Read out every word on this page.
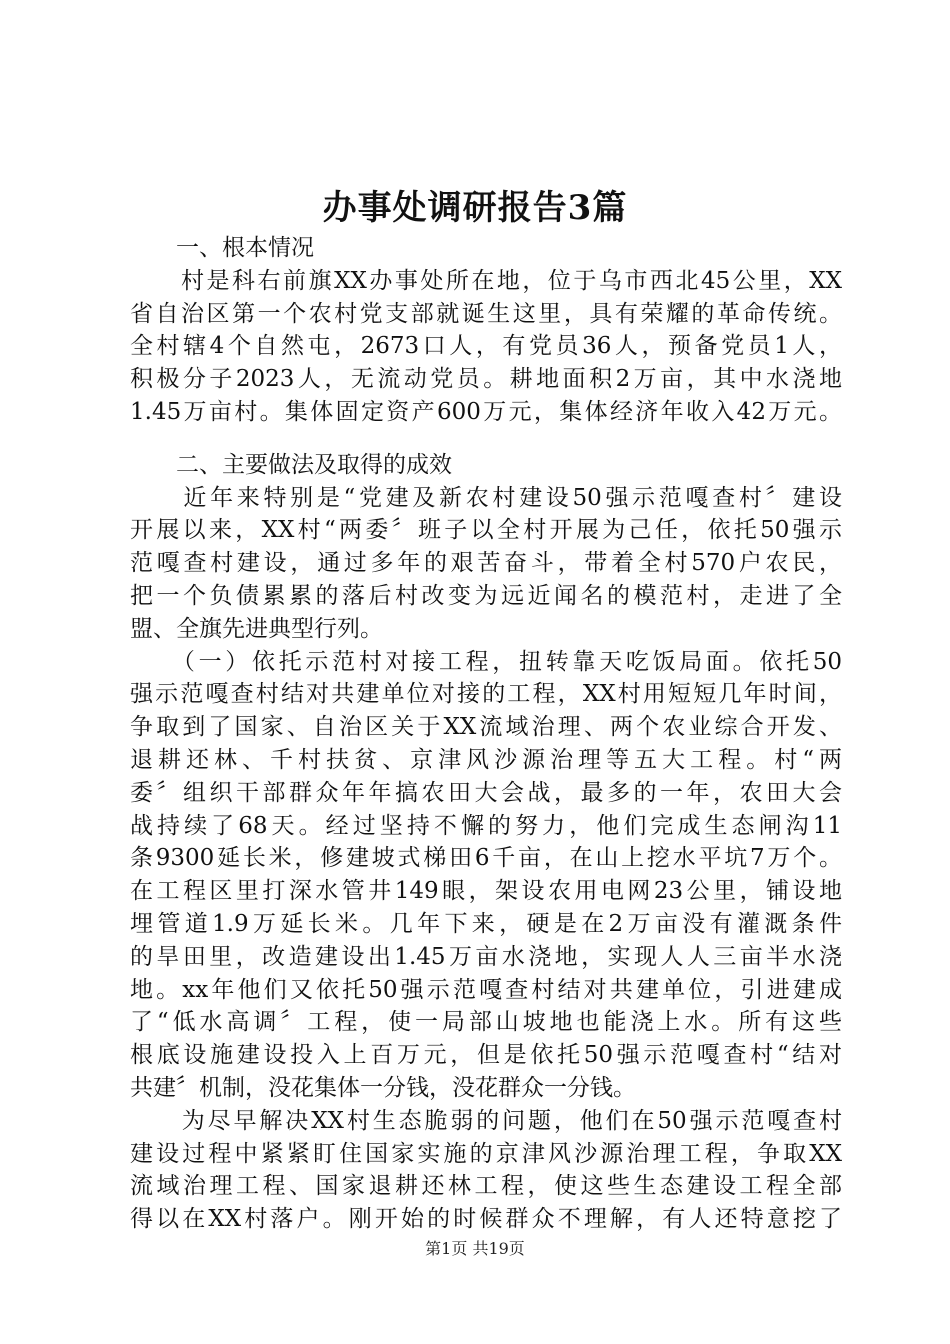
办事处调研报告3篇
　　一、根本情况
　　村是科右前旗XX办事处所在地，位于乌市西北45公里，XX
省自治区第一个农村党支部就诞生这里，具有荣耀的革命传统。
全村辖4个自然屯，2673口人，有党员36人，预备党员1人，
积极分子2023人，无流动党员。耕地面积2万亩，其中水浇地
1.45万亩村。集体固定资产600万元，集体经济年收入42万元。
　　二、主要做法及取得的成效
　　近年来特别是“党建及新农村建设50强示范嘎查村〞建设
开展以来，XX村“两委〞班子以全村开展为己任，依托50强示
范嘎查村建设，通过多年的艰苦奋斗，带着全村570户农民，
把一个负债累累的落后村改变为远近闻名的模范村，走进了全
盟、全旗先进典型行列。
　　（一）依托示范村对接工程，扭转靠天吃饭局面。依托50
强示范嘎查村结对共建单位对接的工程，XX村用短短几年时间，
争取到了国家、自治区关于XX流域治理、两个农业综合开发、
退耕还林、千村扶贫、京津风沙源治理等五大工程。村“两
委〞组织干部群众年年搞农田大会战，最多的一年，农田大会
战持续了68天。经过坚持不懈的努力，他们完成生态闸沟11
条9300延长米，修建坡式梯田6千亩，在山上挖水平坑7万个。
在工程区里打深水管井149眼，架设农用电网23公里，铺设地
埋管道1.9万延长米。几年下来，硬是在2万亩没有灌溉条件
的旱田里，改造建设出1.45万亩水浇地，实现人人三亩半水浇
地。xx年他们又依托50强示范嘎查村结对共建单位，引进建成
了“低水高调〞工程，使一局部山坡地也能浇上水。所有这些
根底设施建设投入上百万元，但是依托50强示范嘎查村“结对
共建〞机制，没花集体一分钱，没花群众一分钱。
　　为尽早解决XX村生态脆弱的问题，他们在50强示范嘎查村
建设过程中紧紧盯住国家实施的京津风沙源治理工程，争取XX
流域治理工程、国家退耕还林工程，使这些生态建设工程全部
得以在XX村落户。刚开始的时候群众不理解，有人还特意挖了
第1页 共19页
